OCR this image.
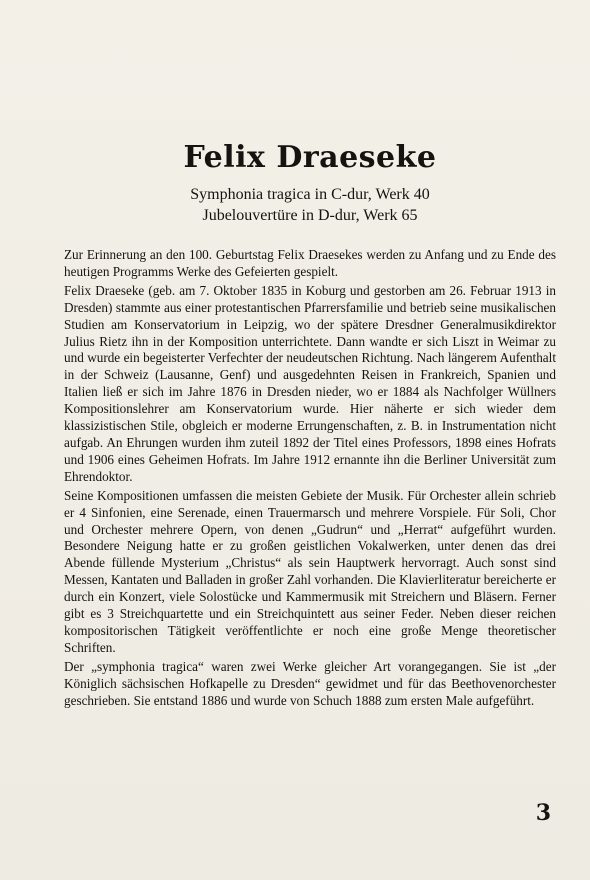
Felix Draeseke

Symphonia tragica in C-dur, Werk 40

Jubelouvertüre in D-dur, Werk 65

Zur Erinnerung an den 100. Geburtstag Felix Draesekes werden zu Anfang und zu Ende des heutigen Programms Werke des Gefeierten gespielt.

Felix Draeseke (geb. am 7. Oktober 1835 in Koburg und gestorben am 26. Februar 1913 in Dresden) stammte aus einer protestantischen Pfarrersfamilie und betrieb seine musikalischen Studien am Konservatorium in Leipzig, wo der spätere Dresdner Generalmusikdirektor Julius Rietz ihn in der Komposition unterrichtete. Dann wandte er sich Liszt in Weimar zu und wurde ein begeisterter Verfechter der neudeutschen Richtung. Nach längerem Aufenthalt in der Schweiz (Lausanne, Genf) und ausgedehnten Reisen in Frankreich, Spanien und Italien ließ er sich im Jahre 1876 in Dresden nieder, wo er 1884 als Nachfolger Wüllners Kompositionslehrer am Konservatorium wurde. Hier näherte er sich wieder dem klassizistischen Stile, obgleich er moderne Errungenschaften, z. B. in Instrumentation nicht aufgab. An Ehrungen wurden ihm zuteil 1892 der Titel eines Professors, 1898 eines Hofrats und 1906 eines Geheimen Hofrats. Im Jahre 1912 ernannte ihn die Berliner Universität zum Ehrendoktor.

Seine Kompositionen umfassen die meisten Gebiete der Musik. Für Orchester allein schrieb er 4 Sinfonien, eine Serenade, einen Trauermarsch und mehrere Vorspiele. Für Soli, Chor und Orchester mehrere Opern, von denen „Gudrun“ und „Herrat“ aufgeführt wurden. Besondere Neigung hatte er zu großen geistlichen Vokalwerken, unter denen das drei Abende füllende Mysterium „Christus“ als sein Hauptwerk hervorragt. Auch sonst sind Messen, Kantaten und Balladen in großer Zahl vorhanden. Die Klavierliteratur bereicherte er durch ein Konzert, viele Solostücke und Kammermusik mit Streichern und Bläsern. Ferner gibt es 3 Streichquartette und ein Streichquintett aus seiner Feder. Neben dieser reichen kompositorischen Tätigkeit veröffentlichte er noch eine große Menge theoretischer Schriften.

Der „symphonia tragica“ waren zwei Werke gleicher Art vorangegangen. Sie ist „der Königlich sächsischen Hofkapelle zu Dresden“ gewidmet und für das Beethovenorchester geschrieben. Sie entstand 1886 und wurde von Schuch 1888 zum ersten Male aufgeführt.

3
